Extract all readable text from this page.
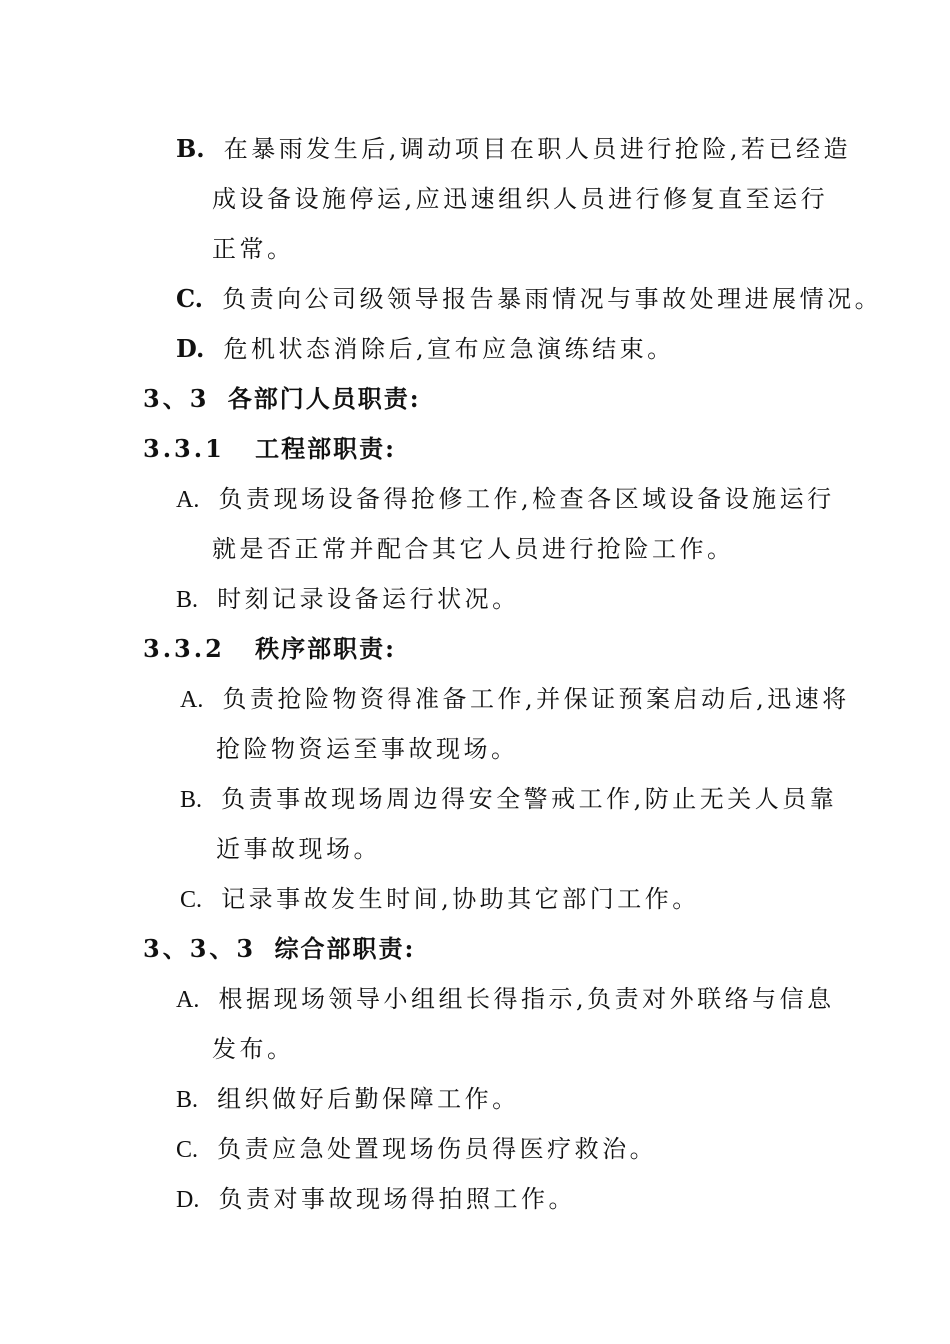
B. 在暴雨发生后,调动项目在职人员进行抢险,若已经造
成设备设施停运,应迅速组织人员进行修复直至运行
正常。
C. 负责向公司级领导报告暴雨情况与事故处理进展情况。
D. 危机状态消除后,宣布应急演练结束。
3、3 各部门人员职责:
3.3.1 工程部职责:
A. 负责现场设备得抢修工作,检查各区域设备设施运行
就是否正常并配合其它人员进行抢险工作。
B. 时刻记录设备运行状况。
3.3.2 秩序部职责:
A. 负责抢险物资得准备工作,并保证预案启动后,迅速将
抢险物资运至事故现场。
B. 负责事故现场周边得安全警戒工作,防止无关人员靠
近事故现场。
C. 记录事故发生时间,协助其它部门工作。
3、3、3 综合部职责:
A. 根据现场领导小组组长得指示,负责对外联络与信息
发布。
B. 组织做好后勤保障工作。
C. 负责应急处置现场伤员得医疗救治。
D. 负责对事故现场得拍照工作。
